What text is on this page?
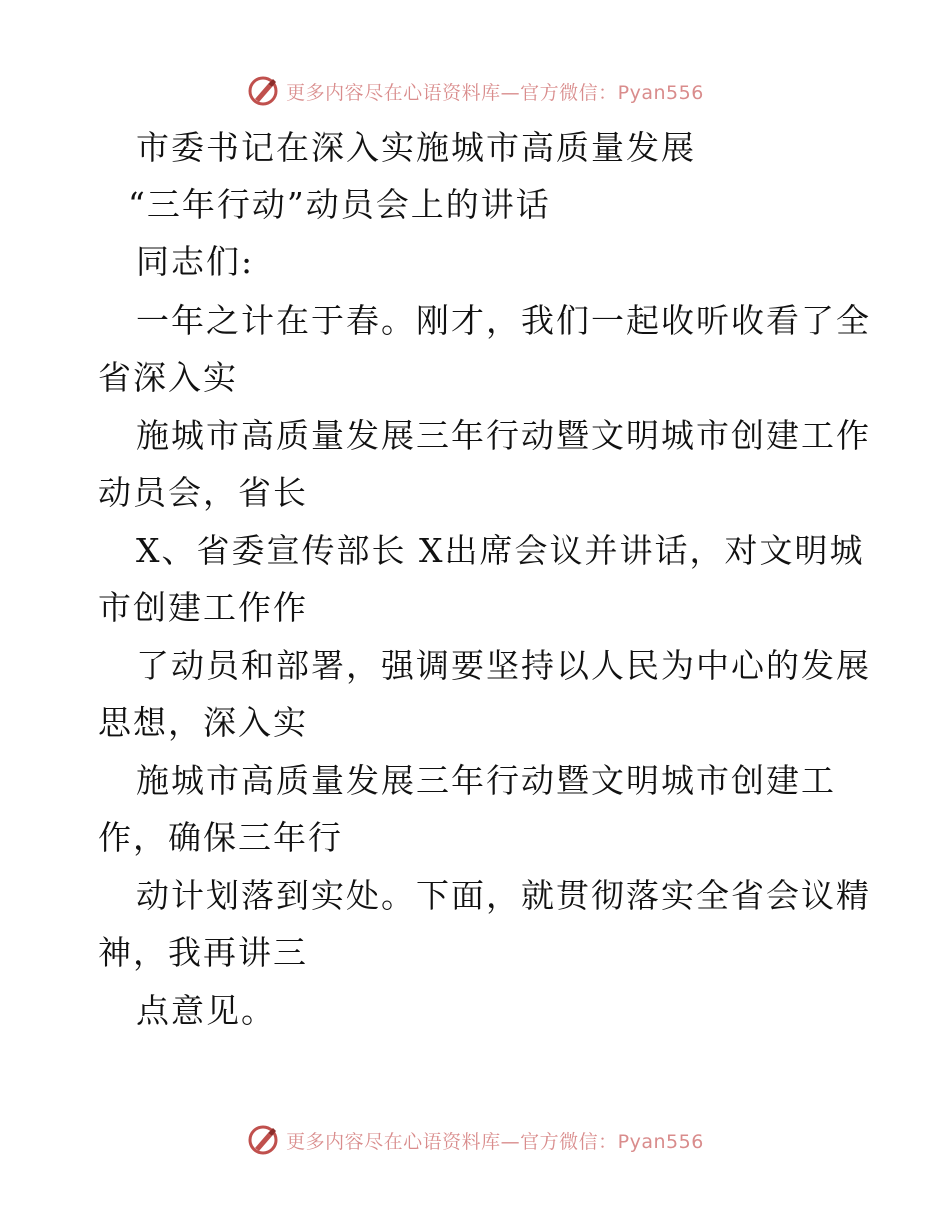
更多内容尽在心语资料库—官方微信：Pyan556
市委书记在深入实施城市高质量发展
“三年行动”动员会上的讲话
同志们:
一年之计在于春。刚才，我们一起收听收看了全
省深入实
施城市高质量发展三年行动暨文明城市创建工作
动员会，省长
X、省委宣传部长 X出席会议并讲话，对文明城
市创建工作作
了动员和部署，强调要坚持以人民为中心的发展
思想，深入实
施城市高质量发展三年行动暨文明城市创建工
作，确保三年行
动计划落到实处。下面，就贯彻落实全省会议精
神，我再讲三
点意见。
更多内容尽在心语资料库—官方微信：Pyan556
